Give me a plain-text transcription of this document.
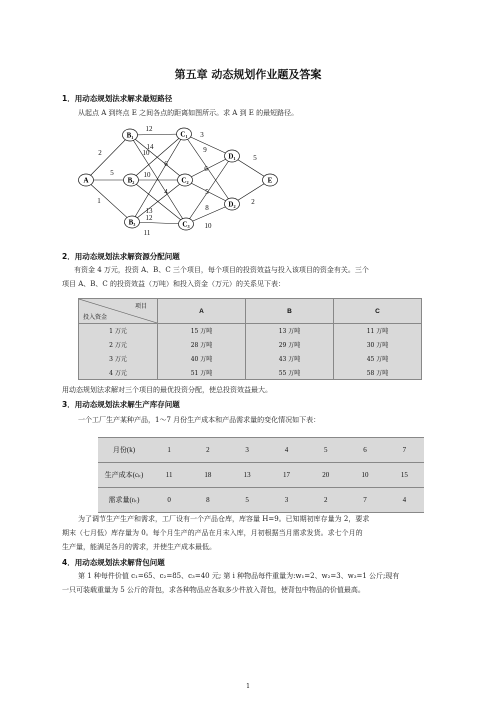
第五章 动态规划作业题及答案
1．用动态规划法求解求最短路径
从起点 A 到终点 E 之间各点的距离如图所示。求 A 到 E 的最短路径。
2
5
1
12
14
10
6
10
4
13
12
11
3
9
6
5
8
10
5
2
A
B₁
B₂
B₃
C₁
C₂
C₃
D₁
D₂
E
2．用动态规划法求解资源分配问题
有资金 4 万元，投资 A、B、C 三个项目，每个项目的投资效益与投入该项目的资金有关。三个
项目 A、B、C 的投资效益（万吨）和投入资金（万元）的关系见下表：
项目
投入资金	A	B	C
1 万元	15 万吨	13 万吨	11 万吨
2 万元	28 万吨	29 万吨	30 万吨
3 万元	40 万吨	43 万吨	45 万吨
4 万元	51 万吨	55 万吨	58 万吨
用动态规划法求解对三个项目的最优投资分配，使总投资效益最大。
3．用动态规划法求解生产库存问题
一个工厂生产某种产品，1～7 月份生产成本和产品需求量的变化情况如下表：
月份(k)	1	2	3	4	5	6	7
生产成本(cₖ)	11	18	13	17	20	10	15
需求量(rₖ)	0	8	5	3	2	7	4
为了调节生产生产和需求，工厂设有一个产品仓库，库容量 H=9。已知期初库存量为 2，要求
期末（七月低）库存量为 0。每个月生产的产品在月末入库，月初根据当月需求发货。求七个月的
生产量，能满足各月的需求，并使生产成本最低。
4．用动态规划法求解背包问题
第 1 种每件价值 c₁=65、c₂=85、c₃=40 元; 第 i 种物品每件重量为:w₁=2、w₂=3、w₃=1 公斤;现有
一只可装载重量为 5 公斤的背包，求各种物品应各取多少件放入背包，使背包中物品的价值最高。
1
